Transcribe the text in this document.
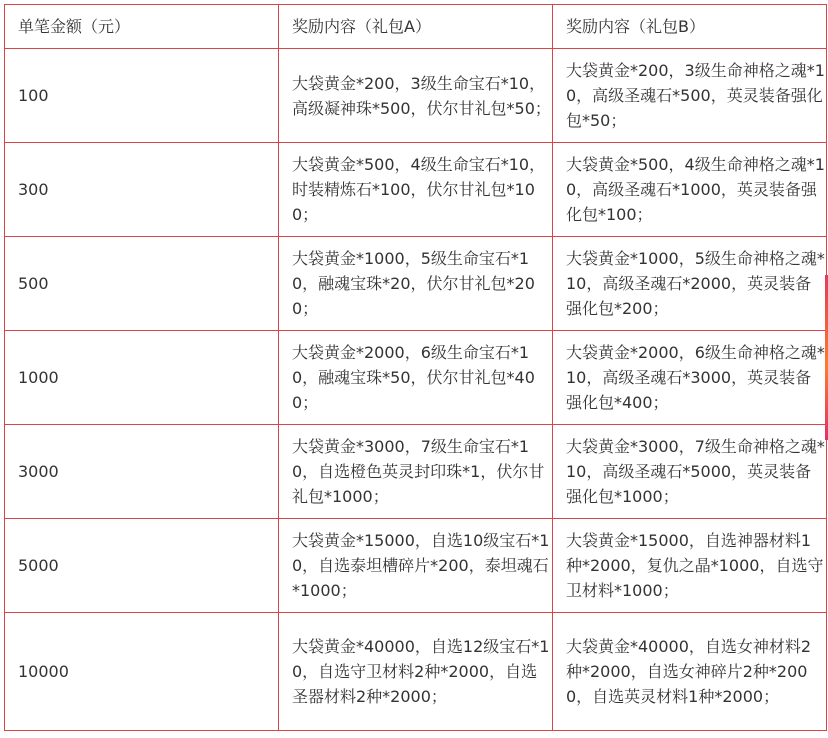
单笔金额（元）	奖励内容（礼包A）	奖励内容（礼包B）
100	大袋黄金*200，3级生命宝石*10，高级凝神珠*500，伏尔甘礼包*50；	大袋黄金*200，3级生命神格之魂*10，高级圣魂石*500，英灵装备强化包*50；
300	大袋黄金*500，4级生命宝石*10，时装精炼石*100，伏尔甘礼包*100；	大袋黄金*500，4级生命神格之魂*10，高级圣魂石*1000，英灵装备强化包*100；
500	大袋黄金*1000，5级生命宝石*10，融魂宝珠*20，伏尔甘礼包*200；	大袋黄金*1000，5级生命神格之魂*10，高级圣魂石*2000，英灵装备强化包*200；
1000	大袋黄金*2000，6级生命宝石*10，融魂宝珠*50，伏尔甘礼包*400；	大袋黄金*2000，6级生命神格之魂*10，高级圣魂石*3000，英灵装备强化包*400；
3000	大袋黄金*3000，7级生命宝石*10，自选橙色英灵封印珠*1，伏尔甘礼包*1000；	大袋黄金*3000，7级生命神格之魂*10，高级圣魂石*5000，英灵装备强化包*1000；
5000	大袋黄金*15000，自选10级宝石*10，自选泰坦槽碎片*200，泰坦魂石*1000；	大袋黄金*15000，自选神器材料1种*2000，复仇之晶*1000，自选守卫材料*1000；
10000	大袋黄金*40000，自选12级宝石*10，自选守卫材料2种*2000，自选圣器材料2种*2000；	大袋黄金*40000，自选女神材料2种*2000，自选女神碎片2种*2000，自选英灵材料1种*2000；
